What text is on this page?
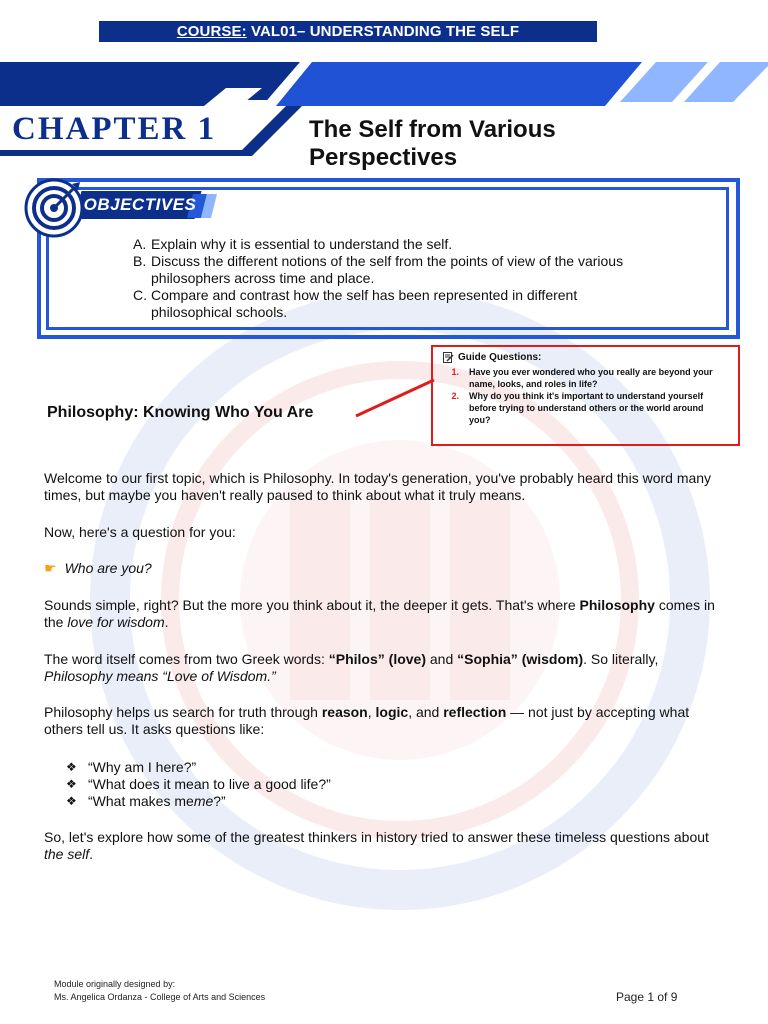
COURSE: VAL01– UNDERSTANDING THE SELF
CHAPTER 1	The Self from Various
Perspectives
OBJECTIVES
A. Explain why it is essential to understand the self.
B. Discuss the different notions of the self from the points of view of the various philosophers across time and place.
C. Compare and contrast how the self has been represented in different philosophical schools.
Guide Questions:
1.	Have you ever wondered who you really are beyond your name, looks, and roles in life?
2.	Why do you think it's important to understand yourself before trying to understand others or the world around you?
Philosophy: Knowing Who You Are

Welcome to our first topic, which is Philosophy. In today's generation, you've probably heard this word many times, but maybe you haven't really paused to think about what it truly means.

Now, here's a question for you:

☛ Who are you?

Sounds simple, right? But the more you think about it, the deeper it gets. That's where Philosophy comes in the love for wisdom.

The word itself comes from two Greek words: “Philos” (love) and “Sophia” (wisdom). So literally, Philosophy means “Love of Wisdom.”

Philosophy helps us search for truth through reason, logic, and reflection — not just by accepting what others tell us. It asks questions like:

❖ “Why am I here?”
❖ “What does it mean to live a good life?”
❖ “What makes me me ?”

So, let's explore how some of the greatest thinkers in history tried to answer these timeless questions about the self.

Module originally designed by:
Ms. Angelica Ordanza - College of Arts and Sciences	Page 1 of 9
